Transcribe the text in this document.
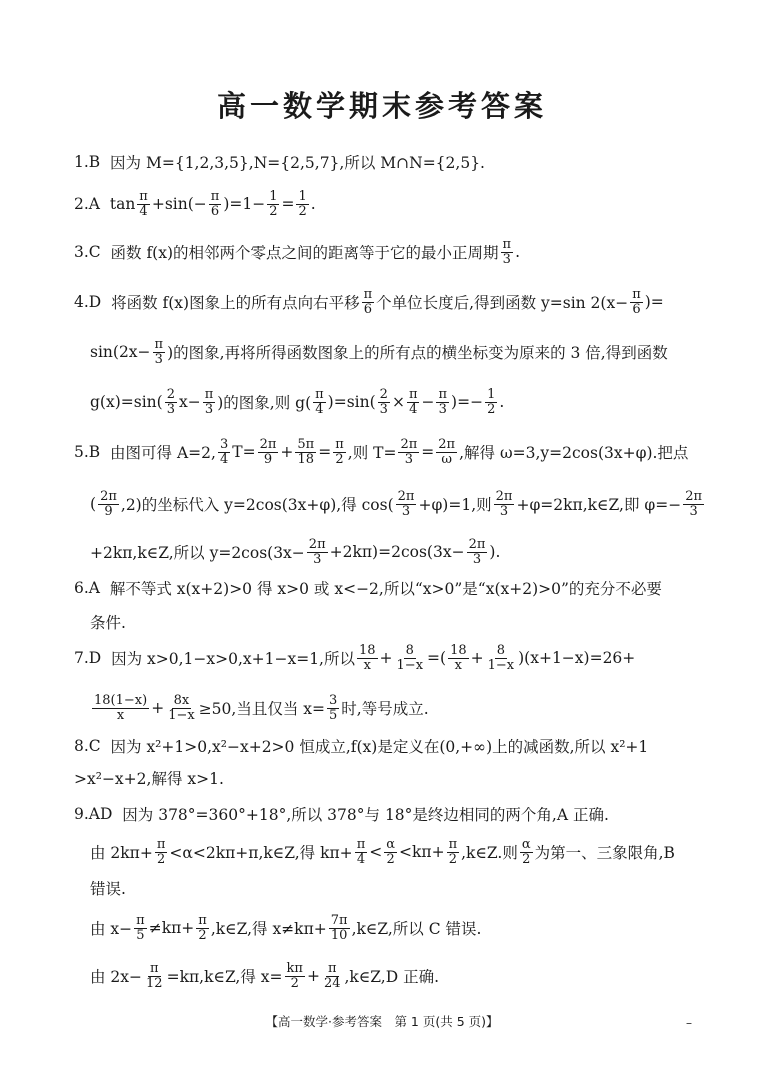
高一数学期末参考答案
1.B
因为 M={1,2,3,5},N={2,5,7},所以 M∩N={2,5}.
2.A
$\tan \frac{\pi}{4} +\sin(- \frac{\pi}{6} )=1- \frac{1}{2} = \frac{1}{2}$ .
3.C
函数 f(x)的相邻两个零点之间的距离等于它的最小正周期 $\frac{\pi}{3}$ .
4.D
将函数 f(x)图象上的所有点向右平移 $\frac{\pi}{6}$ 个单位长度后,得到函数 y=sin $2(x- \frac{\pi}{6}$ )=
$\sin(2x- \frac{\pi}{3}$ )的图象,再将所得函数图象上的所有点的横坐标变为原来的 3 倍,得到函数
$g(x)=\sin( \frac{2}{3} x- \frac{\pi}{3}$ )的图象,则 $g( \frac{\pi}{4} )=\sin( \frac{2}{3} \times \frac{\pi}{4} - \frac{\pi}{3}$ )=− $\frac{1}{2}$ .
5.B
由图可得 A=2, $\frac{3}{4} T= \frac{2\pi}{9} + \frac{5\pi}{18} = \frac{\pi}{2}$ ,则 $T= \frac{2\pi}{3} = \frac{2\pi}{\omega}$ ,解得 ω=3,y=2cos(3x+φ).把点
( $\frac{2\pi}{9} ,2$)的坐标代入 y=2cos(3x+φ),得 $\cos( \frac{2\pi}{3} +\varphi)=1$,则 $\frac{2\pi}{3}$ +φ=2kπ,k∈Z,即 $\varphi=- \frac{2\pi}{3}$
+2kπ,k∈Z,所以 $y=2\cos(3x- \frac{2\pi}{3} +2k\pi)=2\cos(3x- \frac{2\pi}{3}$ ).
6.A
解不等式 x(x+2)>0 得 x>0 或 x<−2,所以“x>0”是“x(x+2)>0”的充分不必要
条件.
7.D
因为 x>0,1−x>0,x+1−x=1,所以 $\frac{18}{x} + \frac{8}{1-x}$ =( $\frac{18}{x} + \frac{8}{1-x} )(x+1-x)=26+$
$\frac{18(1-x)}{x} + \frac{8x}{1-x} \ge 50$,当且仅当 $x= \frac{3}{5}$ 时,等号成立.
8.C
因为 x²+1>0,x²−x+2>0 恒成立,f(x)是定义在(0,+∞)上的减函数,所以 x²+1
>x²−x+2,解得 x>1.
9.AD
因为 378°=360°+18°,所以 378°与 18°是终边相同的两个角,A 正确.
由 $2k\pi+ \frac{\pi}{2}$ <α<2kπ+π,k∈Z,得 $k\pi+ \frac{\pi}{4} < \frac{\alpha}{2} <k\pi+ \frac{\pi}{2}$ ,k∈Z.则 $\frac{\alpha}{2}$ 为第一、三象限角,B
错误.
由 $x- \frac{\pi}{5} \ne k\pi+ \frac{\pi}{2}$ ,k∈Z,得 $x\ne k\pi+ \frac{7\pi}{10}$ ,k∈Z,所以 C 错误.
由 $2x- \frac{\pi}{12}$ =kπ,k∈Z,得 $x= \frac{k\pi}{2} + \frac{\pi}{24}$ ,k∈Z,D 正确.
【高一数学·参考答案　第 1 页(共 5 页)】	–
